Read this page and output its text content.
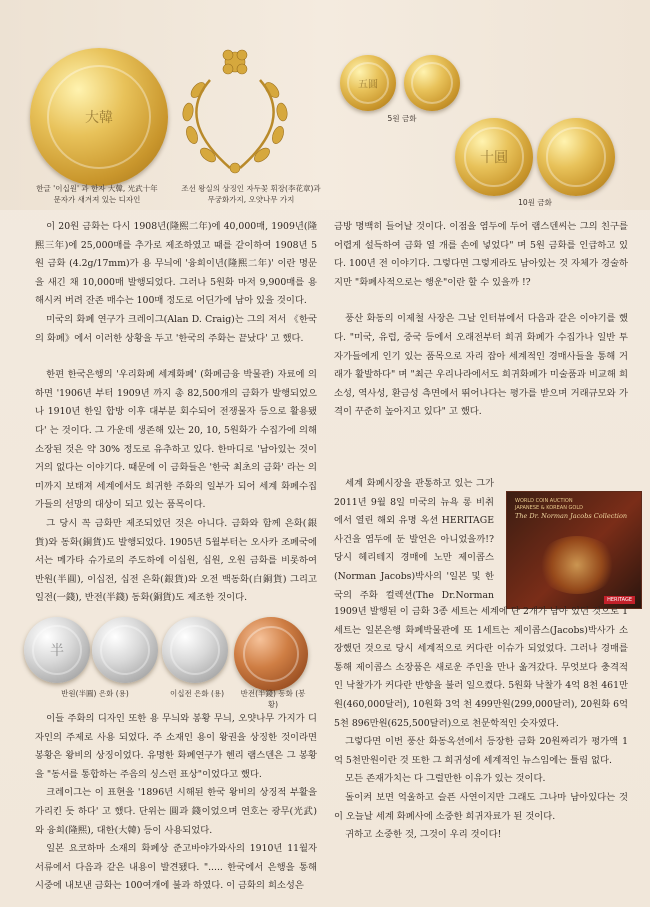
大韓
한글 '이십원' 과 한자 大韓, 光武十年
문자가 새겨져 있는 디자인
조선 왕실의 상징인 자두꽃 휘장(李花章)과
무궁화가지, 오얏나무 가지
五圓
5원 금화
十圓
10원 금화

이 20원 금화는 다시 1908년(隆熙二年)에 40,000매, 1909년(隆熙三年)에 25,000매를 추가로 제조하였고 때를 같이하여 1908년 5원 금화 (4.2g/17mm)가 용 무늬에 '융희이년(隆熙二年)' 이란 명문을 새긴 채 10,000매 발행되었다. 그러나 5원화 마저 9,900매를 용해시켜 버려 잔존 매수는 100매 정도로 어딘가에 남아 있을 것이다.

미국의 화폐 연구가 크레이그(Alan D. Craig)는 그의 저서 《한국의 화폐》에서 이러한 상황을 두고 '한국의 주화는 끝났다' 고 했다.

한편 한국은행의 '우리화폐 세계화폐' (화폐금융 박물관) 자료에 의하면 '1906년 부터 1909년 까지 총 82,500개의 금화가 발행되었으나 1910년 한일 합방 이후 대부분 회수되어 전쟁물자 등으로 활용됐다' 는 것이다. 그 가운데 생존해 있는 20, 10, 5원화가 수집가에 의해 소장된 것은 약 30% 정도로 유추하고 있다. 한마디로 '남아있는 것이 거의 없다는 이야기다. 때문에 이 금화들은 '한국 최초의 금화' 라는 의미까지 보태져 세계에서도 희귀한 주화의 일부가 되어 세계 화폐수집가들의 선망의 대상이 되고 있는 품목이다.

그 당시 꼭 금화만 제조되었던 것은 아니다. 금화와 함께 은화(銀貨)와 동화(銅貨)도 발행되었다. 1905년 5월부터는 오사카 조폐국에서는 메가타 슈가로의 주도하에 이십원, 십원, 오원 금화를 비롯하여 반원(半圓), 이십전, 십전 은화(銀貨)와 오전 백동화(白銅貨) 그리고 일전(一錢), 반전(半錢) 동화(銅貨)도 제조한 것이다.

半
반원(半圓) 은화 (용)	이십전 은화 (용)	반전(半錢) 동화 (봉황)

이들 주화의 디자인 또한 용 무늬와 봉황 무늬, 오얏나무 가지가 디자인의 주제로 사용 되었다. 주 소재인 용이 왕권을 상징한 것이라면 봉황은 왕비의 상징이었다. 유명한 화폐연구가 헨리 램스덴은 그 봉황을 "동서를 통합하는 주음의 싱스런 표상"이었다고 했다.

크레이그는 이 표현을 '1896년 시해된 한국 왕비의 상징적 부활을 가리킨 듯 하다' 고 했다. 단위는 圓과 錢이었으며 연호는 광무(光武)와 융희(隆熙), 대한(大韓) 등이 사용되었다.

일본 요코하마 소재의 화폐상 준고바야가와사의 1910년 11월자 서류에서 다음과 같은 내용이 발견됐다. "..... 한국에서 은행을 통해 시중에 내보낸 금화는 100여개에 불과 하였다. 이 금화의 희소성은

금방 명백히 들어날 것이다. 이점을 염두에 두어 램스덴씨는 그의 친구를 어렵게 설득하여 금화 열 개를 손에 넣었다" 며 5원 금화를 인급하고 있다. 100년 전 이야기다. 그렇다면 그렇게라도 남아있는 것 자체가 경술하지만 "화폐사적으로는 행운"이란 할 수 있을까 !?

풍산 화동의 이제철 사장은 그날 인터뷰에서 다음과 같은 이야기를 했다. "미국, 유럽, 중국 등에서 오래전부터 희귀 화폐가 수집가나 일반 투자가들에게 인기 있는 품목으로 자리 잡아 세계적인 경매사들을 통해 거래가 활발하다" 며 "최근 우리나라에서도 희귀화폐가 미술품과 비교해 희소성, 역사성, 환금성 측면에서 뛰어나다는 평가를 받으며 거래규모와 가격이 꾸준히 높아지고 있다" 고 했다.

WORLD COIN AUCTION
JAPANESE & KOREAN GOLD
The Dr. Norman Jacobs Collection
HERITAGE

세계 화폐시장을 관통하고 있는 그가 2011년 9월 8일 미국의 뉴욕 롱 비취에서 열린 해외 유명 옥션 HERITAGE 사건을 염두에 둔 발언은 아니었을까!? 당시 헤리테지 경매에 노만 제이콥스(Norman Jacobs)박사의 '일본 및 한국의 주화 컬렉션(The Dr.Norman

1909년 발행된 이 금화 3종 세트는 세계에 단 2개가 남아 있던 것으로 1세트는 일본은행 화폐박물관에 또 1세트는 제이콥스(Jacobs)박사가 소장했던 것으로 당시 세계적으로 커다란 이슈가 되었었다. 그러나 경매를 통해 제이콥스 소장품은 새로운 주인을 만나 옮겨갔다. 무엇보다 충격적인 낙찰가가 커다란 반향을 불러 일으켰다. 5원화 낙찰가 4억 8천 461만원(460,000달러), 10원화 3억 천 499만원(299,000달러), 20원화 6억 5천 896만원(625,500달러)으로 천문학적인 숫자였다.

그렇다면 이번 풍산 화동옥션에서 등장한 금화 20원짜리가 평가액 1억 5천만원이란 것 또한 그 희귀성에 세계적인 뉴스임에는 틀림 없다.

모든 존재가치는 다 그럴만한 이유가 있는 것이다.

돌이켜 보면 억울하고 슬픈 사연이지만 그래도 그나마 남아있다는 것이 오늘날 세계 화폐사에 소중한 희귀자료가 된 것이다.

귀하고 소중한 것, 그것이 우리 것이다!
